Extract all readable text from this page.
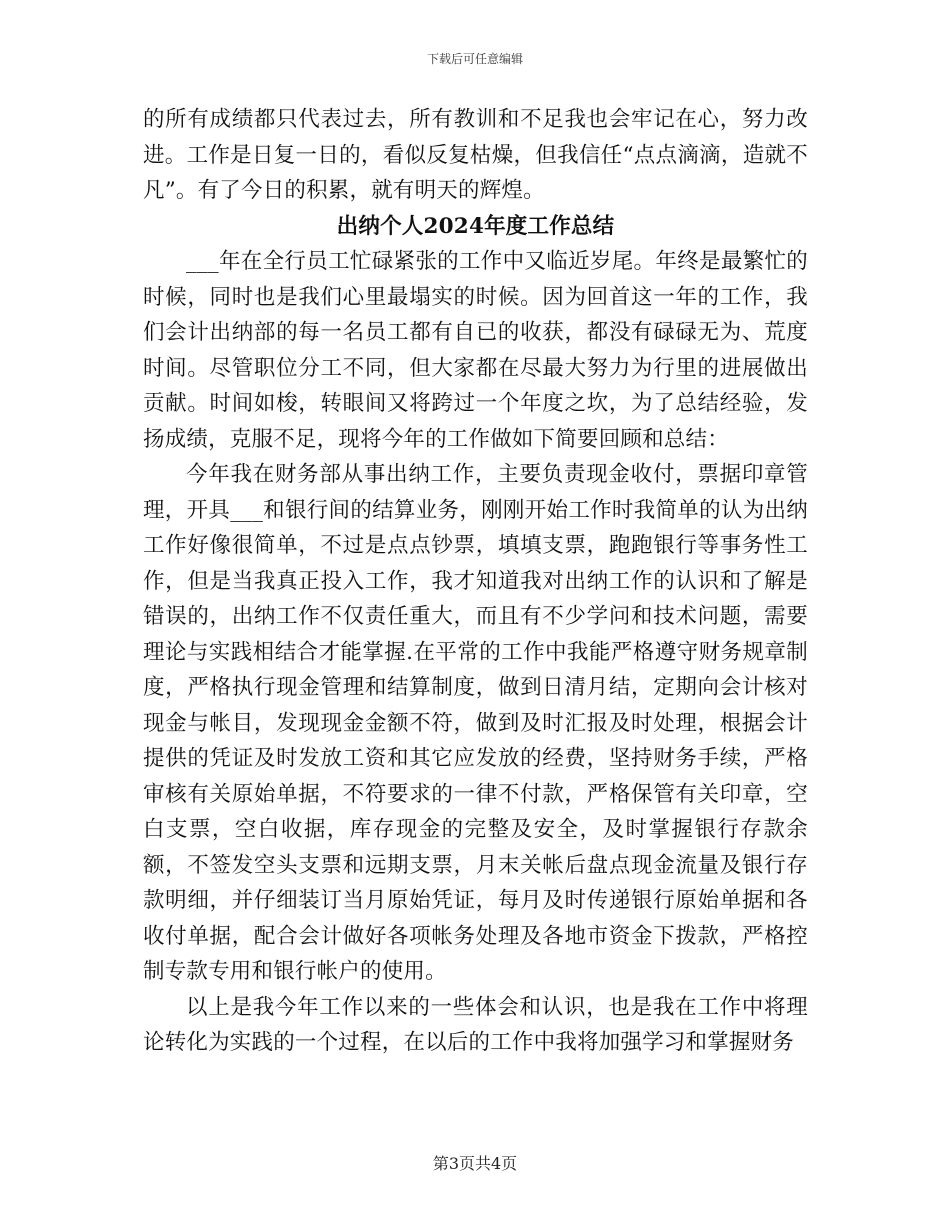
下载后可任意编辑

的所有成绩都只代表过去，所有教训和不足我也会牢记在心，努力改进。工作是日复一日的，看似反复枯燥，但我信任“点点滴滴，造就不凡”。有了今日的积累，就有明天的辉煌。

出纳个人2024年度工作总结

___年在全行员工忙碌紧张的工作中又临近岁尾。年终是最繁忙的时候，同时也是我们心里最塌实的时候。因为回首这一年的工作，我们会计出纳部的每一名员工都有自已的收获，都没有碌碌无为、荒度时间。尽管职位分工不同，但大家都在尽最大努力为行里的进展做出贡献。时间如梭，转眼间又将跨过一个年度之坎，为了总结经验，发扬成绩，克服不足，现将今年的工作做如下简要回顾和总结：

今年我在财务部从事出纳工作，主要负责现金收付，票据印章管理，开具___和银行间的结算业务，刚刚开始工作时我简单的认为出纳工作好像很简单，不过是点点钞票，填填支票，跑跑银行等事务性工作，但是当我真正投入工作，我才知道我对出纳工作的认识和了解是错误的，出纳工作不仅责任重大，而且有不少学问和技术问题，需要理论与实践相结合才能掌握.在平常的工作中我能严格遵守财务规章制度，严格执行现金管理和结算制度，做到日清月结，定期向会计核对现金与帐目，发现现金金额不符，做到及时汇报及时处理，根据会计提供的凭证及时发放工资和其它应发放的经费，坚持财务手续，严格审核有关原始单据，不符要求的一律不付款，严格保管有关印章，空白支票，空白收据，库存现金的完整及安全，及时掌握银行存款余额，不签发空头支票和远期支票，月末关帐后盘点现金流量及银行存款明细，并仔细装订当月原始凭证，每月及时传递银行原始单据和各收付单据，配合会计做好各项帐务处理及各地市资金下拨款，严格控制专款专用和银行帐户的使用。

以上是我今年工作以来的一些体会和认识，也是我在工作中将理论转化为实践的一个过程，在以后的工作中我将加强学习和掌握财务

第3页共4页
